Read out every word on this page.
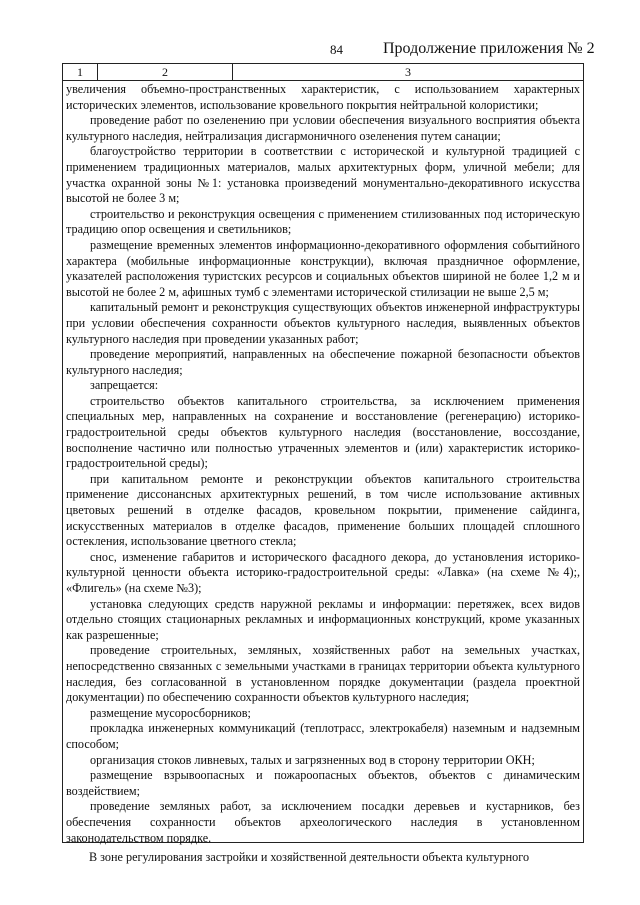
84	Продолжение приложения № 2
1	2	3

увеличения объемно-пространственных характеристик, с использованием характерных исторических элементов, использование кровельного покрытия нейтральной колористики;

проведение работ по озеленению при условии обеспечения визуального восприятия объекта культурного наследия, нейтрализация дисгармоничного озеленения путем санации;

благоустройство территории в соответствии с исторической и культурной традицией с применением традиционных материалов, малых архитектурных форм, уличной мебели; для участка охранной зоны №1: установка произведений монументально-декоративного искусства высотой не более 3 м;

строительство и реконструкция освещения с применением стилизованных под историческую традицию опор освещения и светильников;

размещение временных элементов информационно-декоративного оформления событийного характера (мобильные информационные конструкции), включая праздничное оформление, указателей расположения туристских ресурсов и социальных объектов шириной не более 1,2 м и высотой не более 2 м, афишных тумб с элементами исторической стилизации не выше 2,5 м;

капитальный ремонт и реконструкция существующих объектов инженерной инфраструктуры при условии обеспечения сохранности объектов культурного наследия, выявленных объектов культурного наследия при проведении указанных работ;

проведение мероприятий, направленных на обеспечение пожарной безопасности объектов культурного наследия;

запрещается:

строительство объектов капитального строительства, за исключением применения специальных мер, направленных на сохранение и восстановление (регенерацию) историко-градостроительной среды объектов культурного наследия (восстановление, воссоздание, восполнение частично или полностью утраченных элементов и (или) характеристик историко-градостроительной среды);

при капитальном ремонте и реконструкции объектов капитального строительства применение диссонансных архитектурных решений, в том числе использование активных цветовых решений в отделке фасадов, кровельном покрытии, применение сайдинга, искусственных материалов в отделке фасадов, применение больших площадей сплошного остекления, использование цветного стекла;

снос, изменение габаритов и исторического фасадного декора, до установления историко-культурной ценности объекта историко-градостроительной среды: «Лавка» (на схеме №4);, «Флигель» (на схеме №3);

установка следующих средств наружной рекламы и информации: перетяжек, всех видов отдельно стоящих стационарных рекламных и информационных конструкций, кроме указанных как разрешенные;

проведение строительных, земляных, хозяйственных работ на земельных участках, непосредственно связанных с земельными участками в границах территории объекта культурного наследия, без согласованной в установленном порядке документации (раздела проектной документации) по обеспечению сохранности объектов культурного наследия;

размещение мусоросборников;

прокладка инженерных коммуникаций (теплотрасс, электрокабеля) наземным и надземным способом;

организация стоков ливневых, талых и загрязненных вод в сторону территории ОКН;

размещение взрывоопасных и пожароопасных объектов, объектов с динамическим воздействием;

проведение земляных работ, за исключением посадки деревьев и кустарников, без обеспечения сохранности объектов археологического наследия в установленном законодательством порядке.

В зоне регулирования застройки и хозяйственной деятельности объекта культурного
